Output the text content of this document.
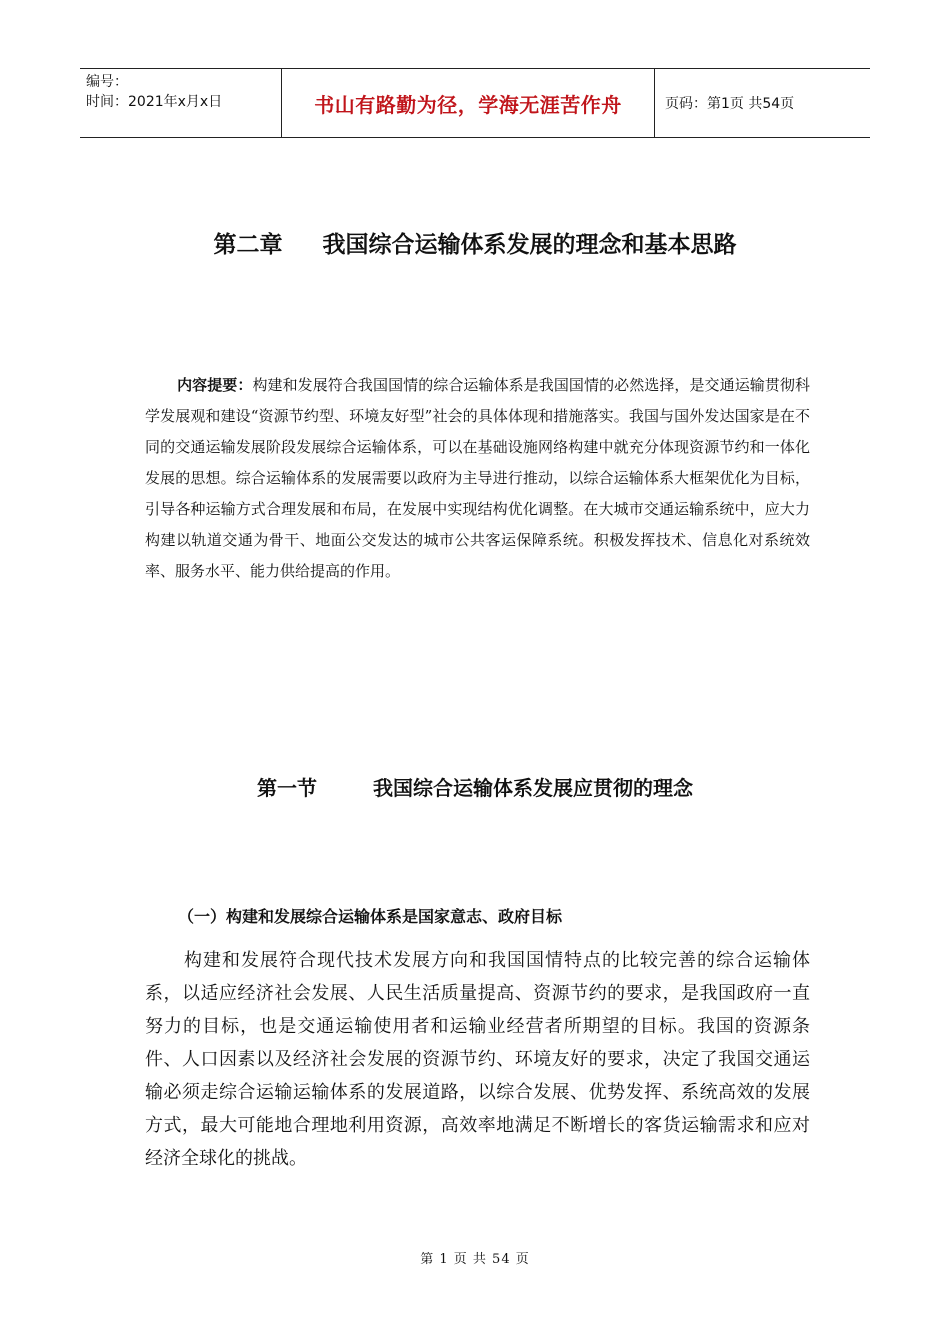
编号：
时间：2021年x月x日	书山有路勤为径，学海无涯苦作舟	页码：第1页 共54页
第二章 我国综合运输体系发展的理念和基本思路
内容提要：构建和发展符合我国国情的综合运输体系是我国国情的必然选择，是交通运输贯彻科学发展观和建设“资源节约型、环境友好型”社会的具体体现和措施落实。我国与国外发达国家是在不同的交通运输发展阶段发展综合运输体系，可以在基础设施网络构建中就充分体现资源节约和一体化发展的思想。综合运输体系的发展需要以政府为主导进行推动，以综合运输体系大框架优化为目标，引导各种运输方式合理发展和布局，在发展中实现结构优化调整。在大城市交通运输系统中，应大力构建以轨道交通为骨干、地面公交发达的城市公共客运保障系统。积极发挥技术、信息化对系统效率、服务水平、能力供给提高的作用。
第一节	我国综合运输体系发展应贯彻的理念
（一）构建和发展综合运输体系是国家意志、政府目标
构建和发展符合现代技术发展方向和我国国情特点的比较完善的综合运输体系，以适应经济社会发展、人民生活质量提高、资源节约的要求，是我国政府一直努力的目标，也是交通运输使用者和运输业经营者所期望的目标。我国的资源条件、人口因素以及经济社会发展的资源节约、环境友好的要求，决定了我国交通运输必须走综合运输运输体系的发展道路，以综合发展、优势发挥、系统高效的发展方式，最大可能地合理地利用资源，高效率地满足不断增长的客货运输需求和应对经济全球化的挑战。
第 1 页 共 54 页
